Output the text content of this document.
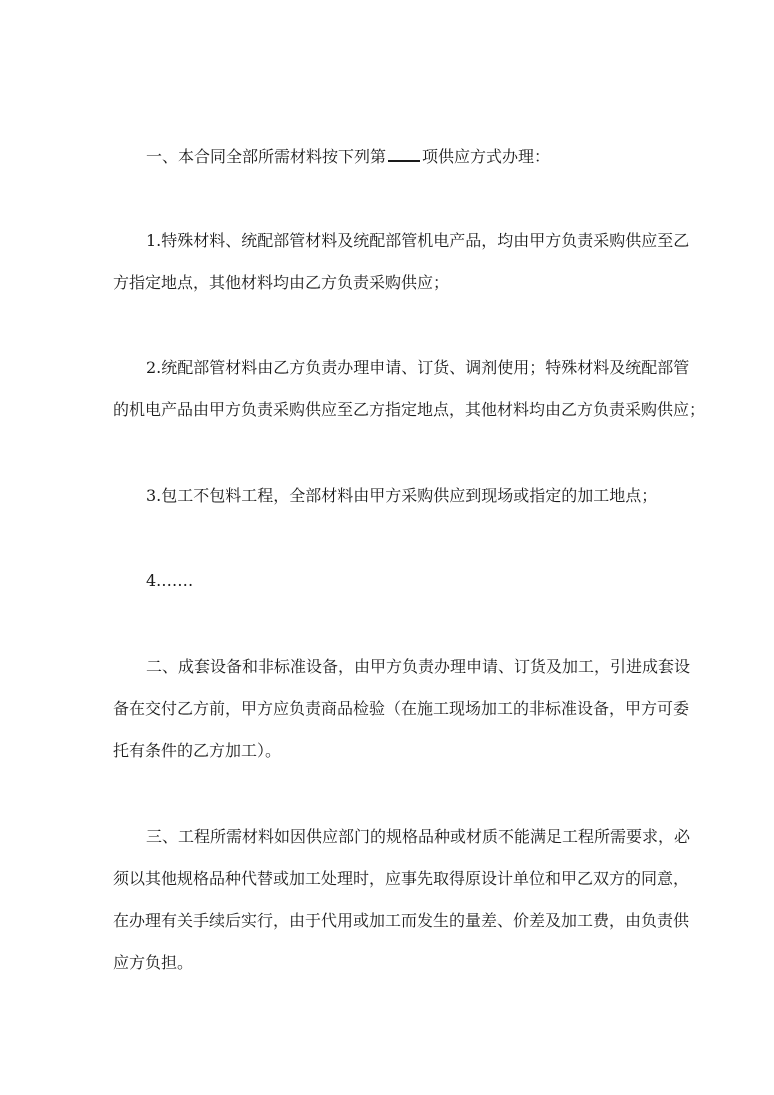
一、本合同全部所需材料按下列第 项供应方式办理：
1.特殊材料、统配部管材料及统配部管机电产品，均由甲方负责采购供应至乙
方指定地点，其他材料均由乙方负责采购供应；
2.统配部管材料由乙方负责办理申请、订货、调剂使用；特殊材料及统配部管
的机电产品由甲方负责采购供应至乙方指定地点，其他材料均由乙方负责采购供应；
3.包工不包料工程，全部材料由甲方采购供应到现场或指定的加工地点；
4.……
二、成套设备和非标准设备，由甲方负责办理申请、订货及加工，引进成套设
备在交付乙方前，甲方应负责商品检验（在施工现场加工的非标准设备，甲方可委
托有条件的乙方加工）。
三、工程所需材料如因供应部门的规格品种或材质不能满足工程所需要求，必
须以其他规格品种代替或加工处理时，应事先取得原设计单位和甲乙双方的同意，
在办理有关手续后实行，由于代用或加工而发生的量差、价差及加工费，由负责供
应方负担。
